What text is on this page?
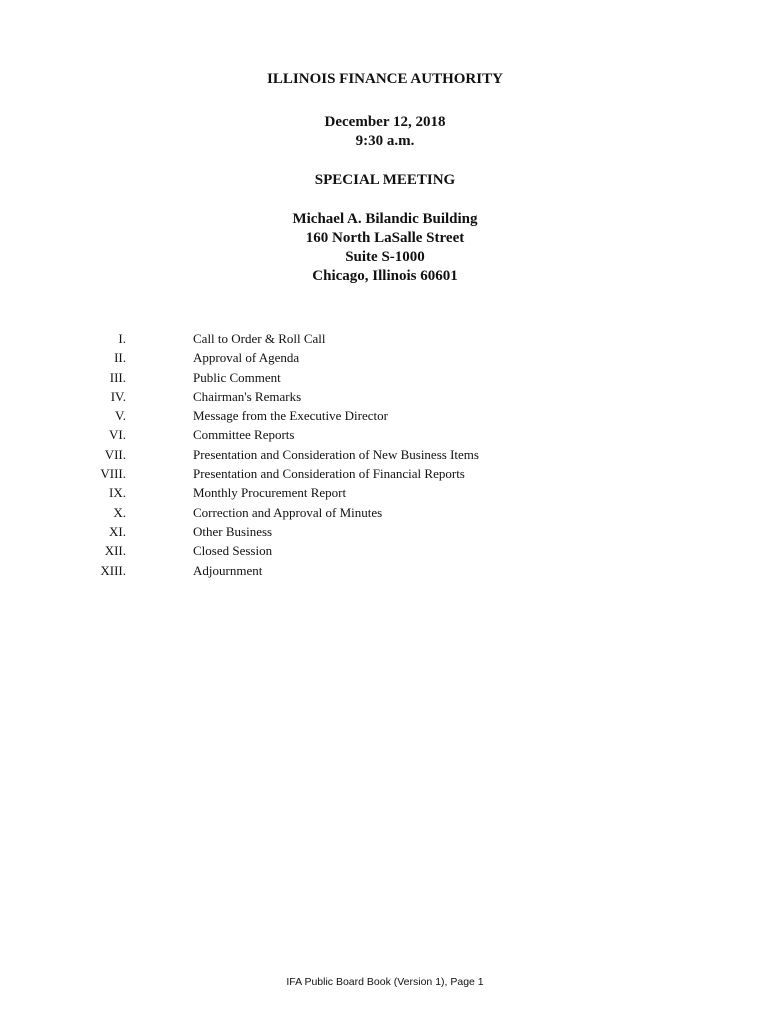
ILLINOIS FINANCE AUTHORITY
December 12, 2018
9:30 a.m.
SPECIAL MEETING
Michael A. Bilandic Building
160 North LaSalle Street
Suite S-1000
Chicago, Illinois 60601
I.	Call to Order & Roll Call
II.	Approval of Agenda
III.	Public Comment
IV.	Chairman's Remarks
V.	Message from the Executive Director
VI.	Committee Reports
VII.	Presentation and Consideration of New Business Items
VIII.	Presentation and Consideration of Financial Reports
IX.	Monthly Procurement Report
X.	Correction and Approval of Minutes
XI.	Other Business
XII.	Closed Session
XIII.	Adjournment
IFA Public Board Book (Version 1), Page 1
